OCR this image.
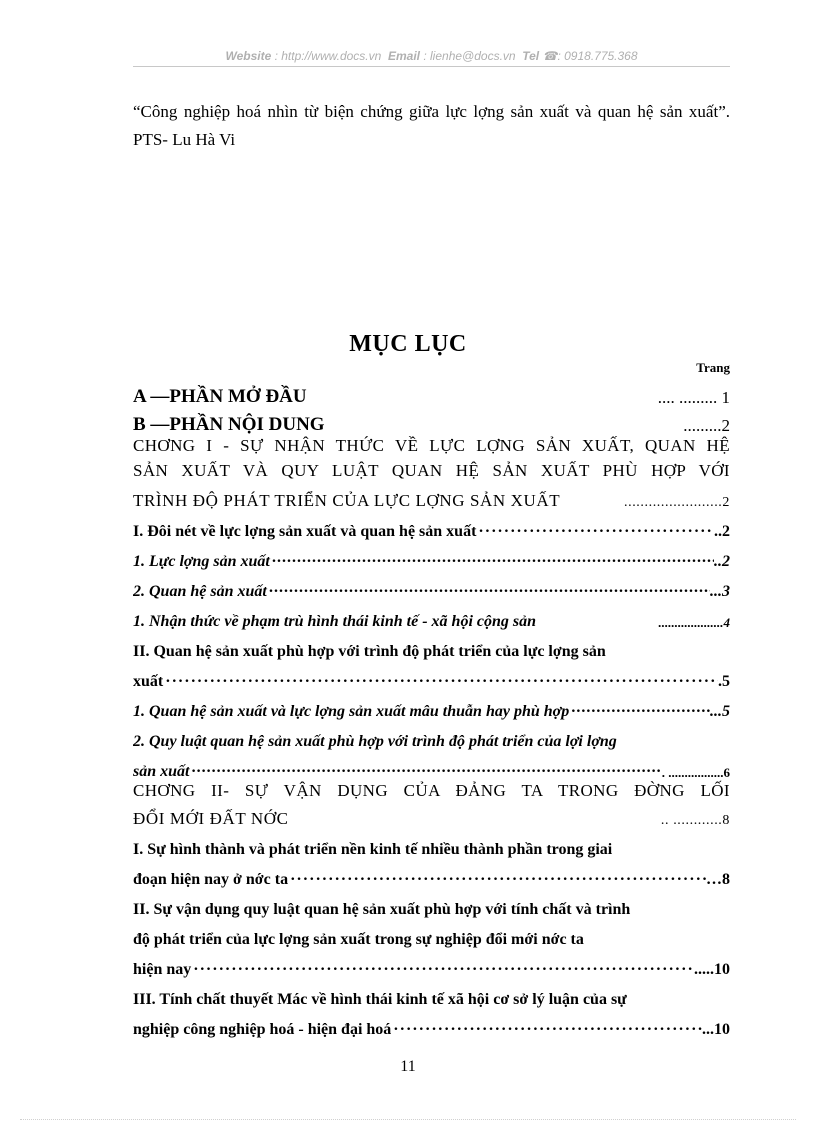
Website : http://www.docs.vn Email : lienhe@docs.vn Tel ☎: 0918.775.368
“Công nghiệp hoá nhìn từ biện chứng giữa lực lợng sản xuất và quan hệ sản xuất”. PTS- Lu Hà Vi
MỤC LỤC
Trang
A —PHẦN MỞ ĐẦU	.... ......... 1
B —PHẦN NỘI DUNG	.........2
CHƠNG I - SỰ NHẬN THỨC VỀ LỰC LỢNG SẢN XUẤT, QUAN HỆ
SẢN XUẤT VÀ QUY LUẬT QUAN HỆ SẢN XUẤT PHÙ HỢP VỚI
TRÌNH ĐỘ PHÁT TRIỂN CỦA LỰC LỢNG SẢN XUẤT	........................2
I. Đôi nét về lực lợng sản xuất và quan hệ sản xuất ·····	..2
1. Lực lợng sản xuất ·····	..2
2. Quan hệ sản xuất ·····	...3
1. Nhận thức về phạm trù hình thái kinh tế - xã hội cộng sản	....................4
II. Quan hệ sản xuất phù hợp với trình độ phát triển của lực lợng sản
xuất ·····	.5
1. Quan hệ sản xuất và lực lợng sản xuất mâu thuẫn hay phù hợp ·····	...5
2. Quy luật quan hệ sản xuất phù hợp với trình độ phát triển của lợi lợng
sản xuất ·····	. .................6
CHƠNG II- SỰ VẬN DỤNG CỦA ĐẢNG TA TRONG ĐỜNG LỐI
ĐỔI MỚI ĐẤT NỚC	.. ............8
I. Sự hình thành và phát triển nền kinh tế nhiều thành phần trong giai
đoạn hiện nay ở nớc ta ·····	…8
II. Sự vận dụng quy luật quan hệ sản xuất phù hợp với tính chất và trình
độ phát triển của lực lợng sản xuất trong sự nghiệp đổi mới nớc ta
hiện nay ·····	.....10
III. Tính chất thuyết Mác về hình thái kinh tế xã hội cơ sở lý luận của sự
nghiệp công nghiệp hoá - hiện đại hoá ·····	...10
11
